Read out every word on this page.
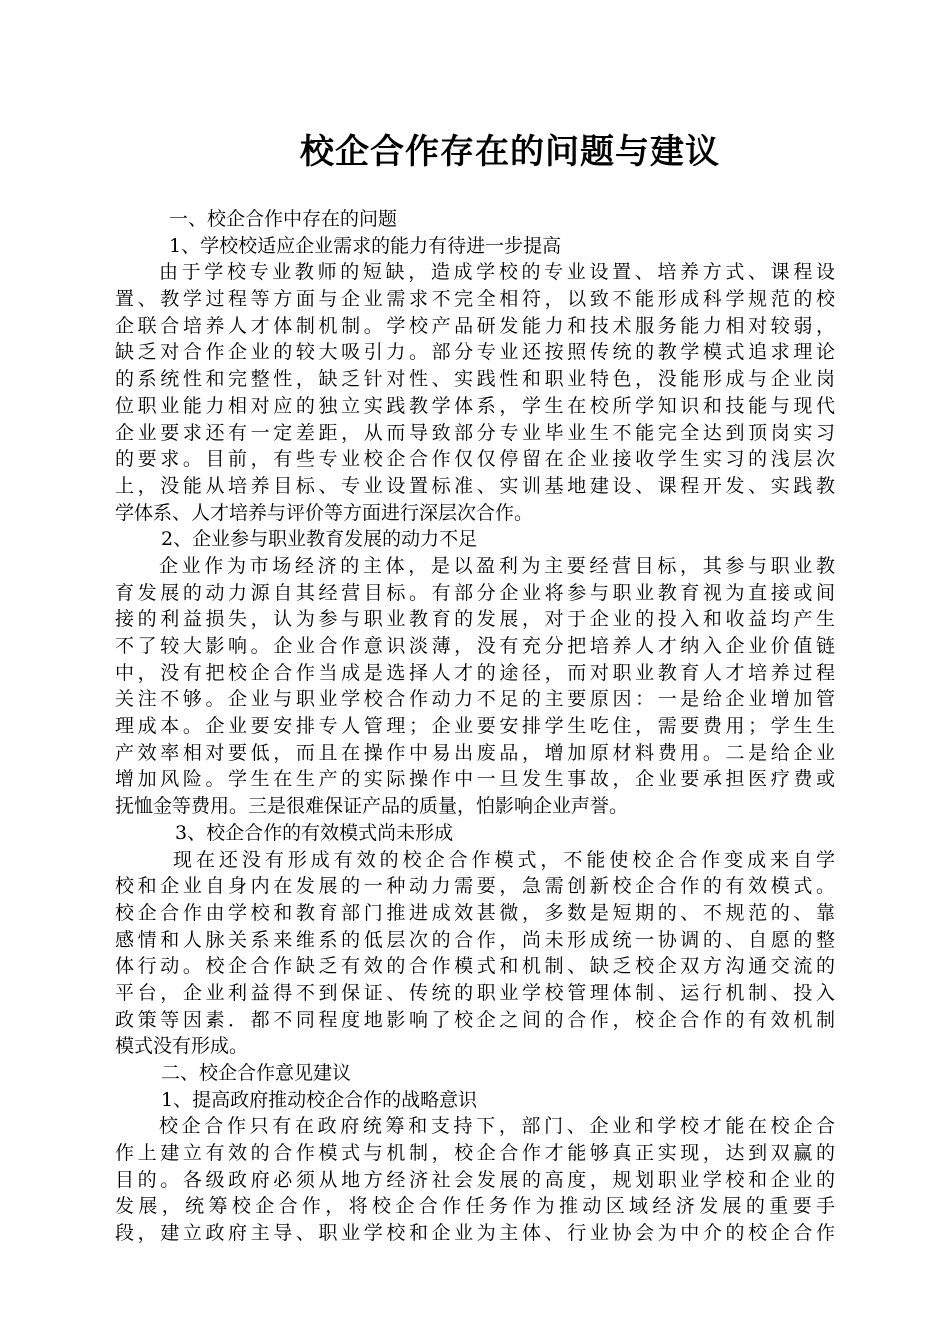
校企合作存在的问题与建议
一、校企合作中存在的问题
1、学校校适应企业需求的能力有待进一步提高
由于学校专业教师的短缺，造成学校的专业设置、培养方式、课程设
置、教学过程等方面与企业需求不完全相符，以致不能形成科学规范的校
企联合培养人才体制机制。学校产品研发能力和技术服务能力相对较弱，
缺乏对合作企业的较大吸引力。部分专业还按照传统的教学模式追求理论
的系统性和完整性，缺乏针对性、实践性和职业特色，没能形成与企业岗
位职业能力相对应的独立实践教学体系，学生在校所学知识和技能与现代
企业要求还有一定差距，从而导致部分专业毕业生不能完全达到顶岗实习
的要求。目前，有些专业校企合作仅仅停留在企业接收学生实习的浅层次
上，没能从培养目标、专业设置标准、实训基地建设、课程开发、实践教
学体系、人才培养与评价等方面进行深层次合作。
2、企业参与职业教育发展的动力不足
企业作为市场经济的主体，是以盈利为主要经营目标，其参与职业教
育发展的动力源自其经营目标。有部分企业将参与职业教育视为直接或间
接的利益损失，认为参与职业教育的发展，对于企业的投入和收益均产生
不了较大影响。企业合作意识淡薄，没有充分把培养人才纳入企业价值链
中，没有把校企合作当成是选择人才的途径，而对职业教育人才培养过程
关注不够。企业与职业学校合作动力不足的主要原因：一是给企业增加管
理成本。企业要安排专人管理；企业要安排学生吃住，需要费用；学生生
产效率相对要低，而且在操作中易出废品，增加原材料费用。二是给企业
增加风险。学生在生产的实际操作中一旦发生事故，企业要承担医疗费或
抚恤金等费用。三是很难保证产品的质量，怕影响企业声誉。
3、校企合作的有效模式尚未形成
现在还没有形成有效的校企合作模式，不能使校企合作变成来自学
校和企业自身内在发展的一种动力需要，急需创新校企合作的有效模式。
校企合作由学校和教育部门推进成效甚微，多数是短期的、不规范的、靠
感情和人脉关系来维系的低层次的合作，尚未形成统一协调的、自愿的整
体行动。校企合作缺乏有效的合作模式和机制、缺乏校企双方沟通交流的
平台，企业利益得不到保证、传统的职业学校管理体制、运行机制、投入
政策等因素．都不同程度地影响了校企之间的合作，校企合作的有效机制
模式没有形成。
二、校企合作意见建议
1、提高政府推动校企合作的战略意识
校企合作只有在政府统筹和支持下，部门、企业和学校才能在校企合
作上建立有效的合作模式与机制，校企合作才能够真正实现，达到双赢的
目的。各级政府必须从地方经济社会发展的高度，规划职业学校和企业的
发展，统筹校企合作，将校企合作任务作为推动区域经济发展的重要手
段，建立政府主导、职业学校和企业为主体、行业协会为中介的校企合作
